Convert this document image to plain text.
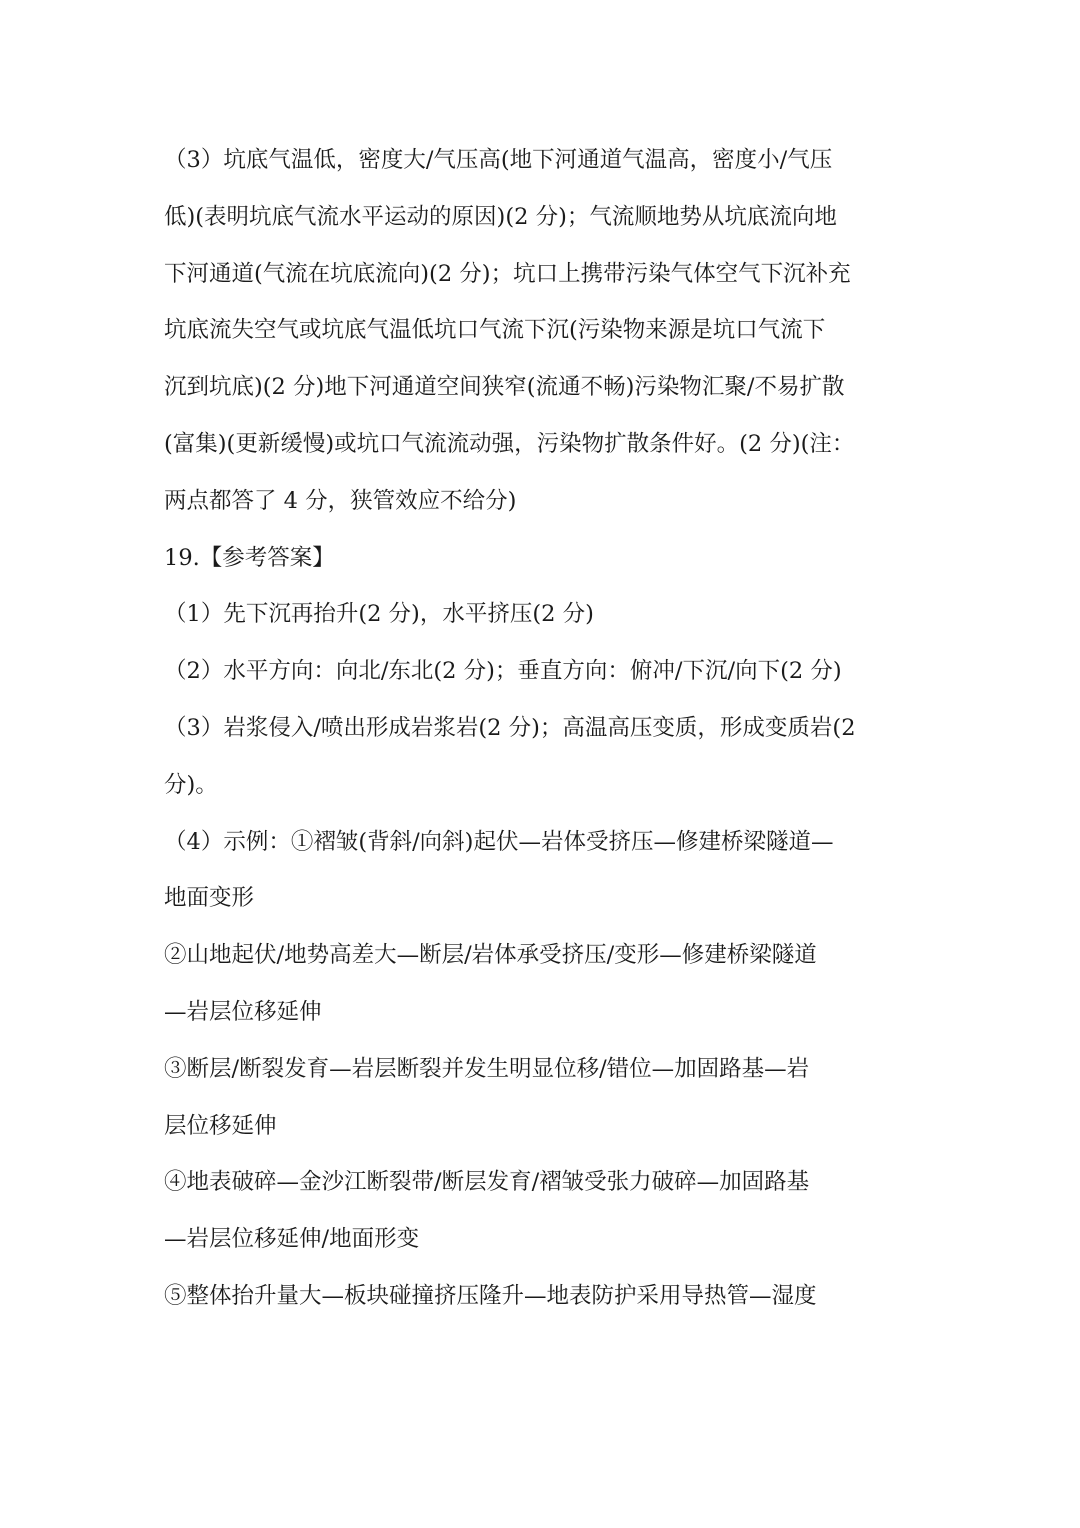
（3）坑底气温低，密度大/气压高(地下河通道气温高，密度小/气压
低)(表明坑底气流水平运动的原因)(2 分)；气流顺地势从坑底流向地
下河通道(气流在坑底流向)(2 分)；坑口上携带污染气体空气下沉补充
坑底流失空气或坑底气温低坑口气流下沉(污染物来源是坑口气流下
沉到坑底)(2 分)地下河通道空间狭窄(流通不畅)污染物汇聚/不易扩散
(富集)(更新缓慢)或坑口气流流动强，污染物扩散条件好。(2 分)(注：
两点都答了 4 分，狭管效应不给分)
19.【参考答案】
（1）先下沉再抬升(2 分)，水平挤压(2 分)
（2）水平方向：向北/东北(2 分)；垂直方向：俯冲/下沉/向下(2 分)
（3）岩浆侵入/喷出形成岩浆岩(2 分)；高温高压变质，形成变质岩(2
分)。
（4）示例：①褶皱(背斜/向斜)起伏—岩体受挤压—修建桥梁隧道—
地面变形
②山地起伏/地势高差大—断层/岩体承受挤压/变形—修建桥梁隧道
—岩层位移延伸
③断层/断裂发育—岩层断裂并发生明显位移/错位—加固路基—岩
层位移延伸
④地表破碎—金沙江断裂带/断层发育/褶皱受张力破碎—加固路基
—岩层位移延伸/地面形变
⑤整体抬升量大—板块碰撞挤压隆升—地表防护采用导热管—湿度
